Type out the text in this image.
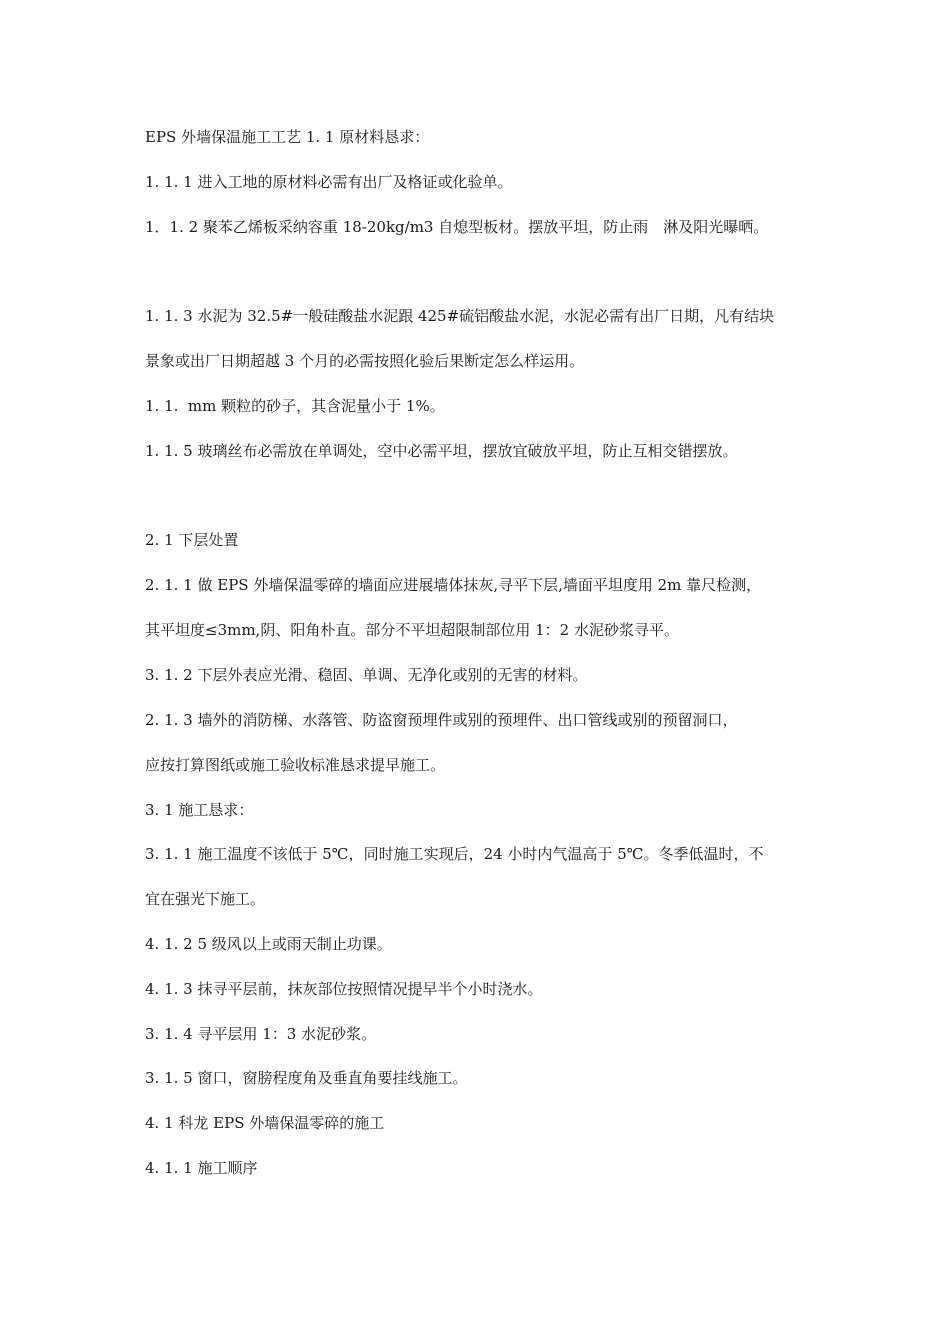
EPS 外墙保温施工工艺 1. 1 原材料恳求：
1. 1. 1 进入工地的原材料必需有出厂及格证或化验单。
1．1. 2 聚苯乙烯板采纳容重 18-20kg/m3 自熄型板材。摆放平坦，防止雨　淋及阳光曝晒。
1. 1. 3 水泥为 32.5#一般硅酸盐水泥跟 425#硫铝酸盐水泥，水泥必需有出厂日期，凡有结块
景象或出厂日期超越 3 个月的必需按照化验后果断定怎么样运用。
1. 1.  mm 颗粒的砂子，其含泥量小于 1%。
1. 1. 5 玻璃丝布必需放在单调处，空中必需平坦，摆放宜破放平坦，防止互相交错摆放。
2. 1 下层处置
2. 1. 1 做 EPS 外墙保温零碎的墙面应进展墙体抹灰,寻平下层,墙面平坦度用 2m 靠尺检测，
其平坦度≤3mm,阴、阳角朴直。部分不平坦超限制部位用 1：2 水泥砂浆寻平。
3. 1. 2 下层外表应光滑、稳固、单调、无净化或别的无害的材料。
2. 1. 3 墙外的消防梯、水落管、防盗窗预埋件或别的预埋件、出口管线或别的预留洞口，
应按打算图纸或施工验收标准恳求提早施工。
3. 1 施工恳求：
3. 1. 1 施工温度不该低于 5℃，同时施工实现后，24 小时内气温高于 5℃。冬季低温时，不
宜在强光下施工。
4. 1. 2 5 级风以上或雨天制止功课。
4. 1. 3 抹寻平层前，抹灰部位按照情况提早半个小时浇水。
3. 1. 4 寻平层用 1：3 水泥砂浆。
3. 1. 5 窗口，窗膀程度角及垂直角要挂线施工。
4. 1 科龙 EPS 外墙保温零碎的施工
4. 1. 1 施工顺序
